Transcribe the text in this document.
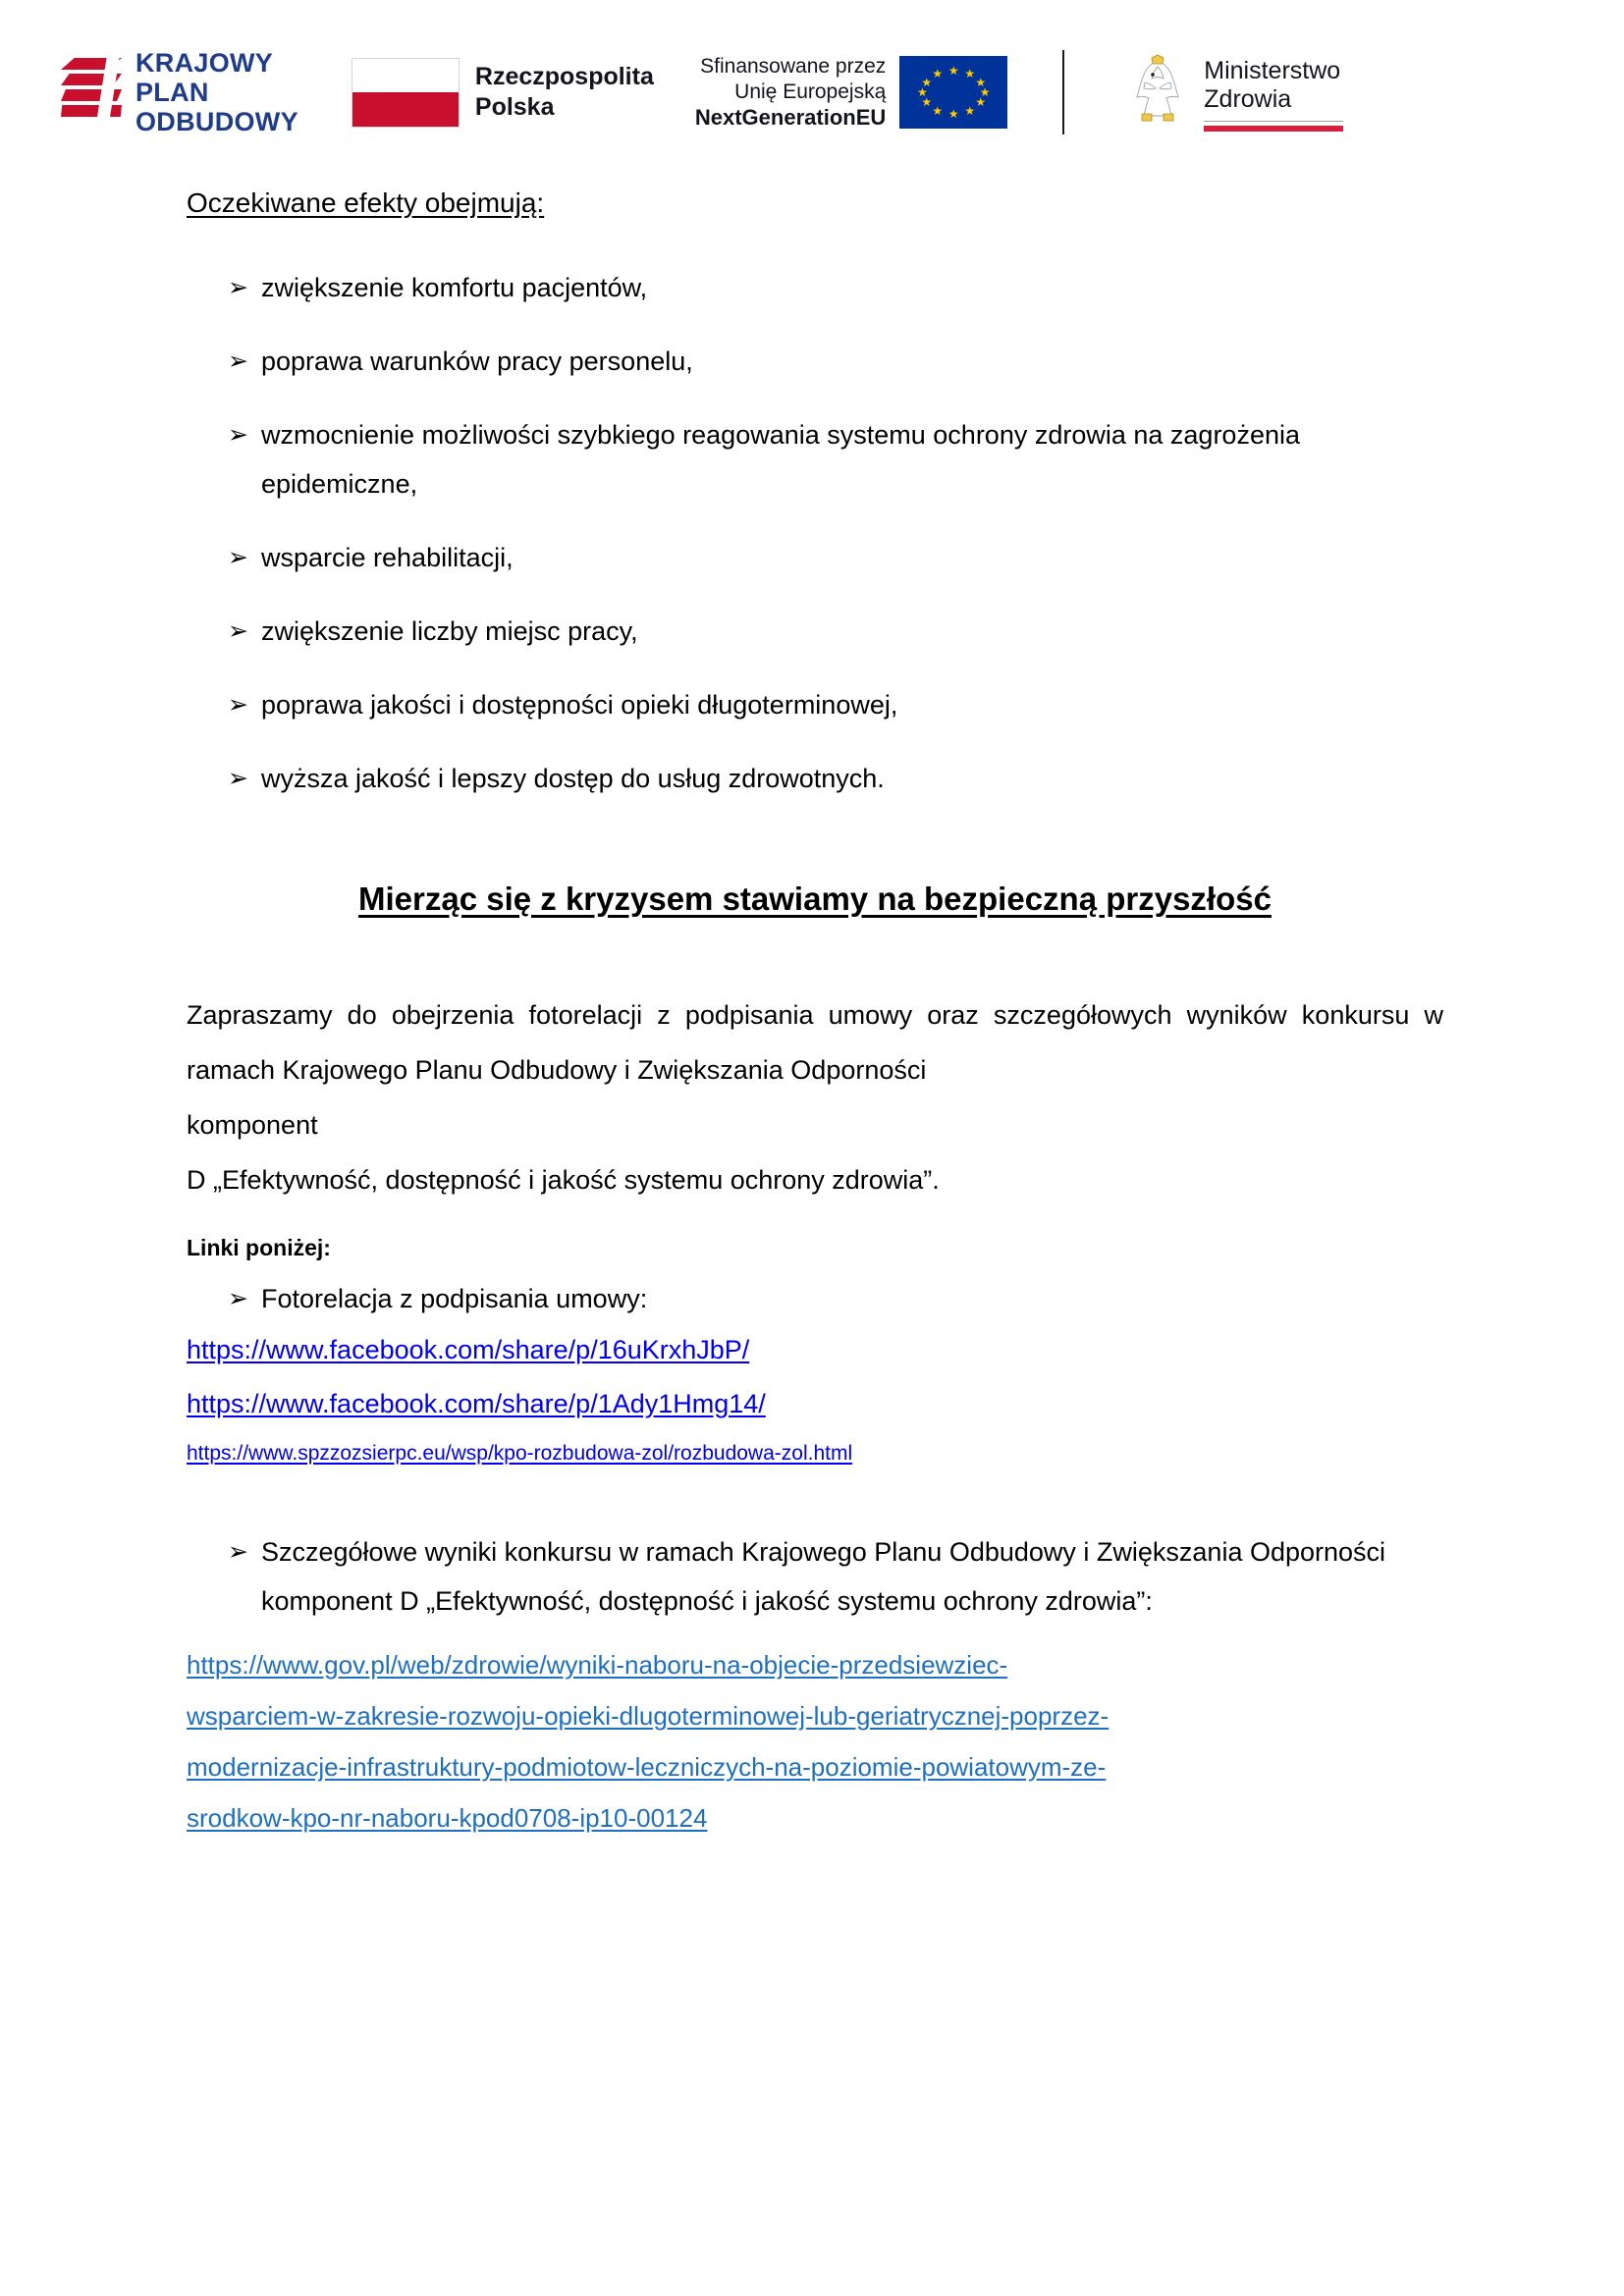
KRAJOWY
PLAN
ODBUDOWY
Rzeczpospolita
Polska
Sfinansowane przez
Unię Europejską
NextGenerationEU
★ ★
★
★
★
★
★
★
★
★
★
★	Ministerstwo
Zdrowia

Oczekiwane efekty obejmują:

➢ zwiększenie komfortu pacjentów,
➢ poprawa warunków pracy personelu,
➢ wzmocnienie możliwości szybkiego reagowania systemu ochrony zdrowia na zagrożenia epidemiczne,
➢ wsparcie rehabilitacji,
➢ zwiększenie liczby miejsc pracy,
➢ poprawa jakości i dostępności opieki długoterminowej,
➢ wyższa jakość i lepszy dostęp do usług zdrowotnych.
Mierząc się z kryzysem stawiamy na bezpieczną przyszłość

Zapraszamy do obejrzenia fotorelacji z podpisania umowy oraz szczegółowych wyników konkursu w ramach Krajowego Planu Odbudowy i Zwiększania Odporności

komponent

D „Efektywność, dostępność i jakość systemu ochrony zdrowia”.

Linki poniżej:

➢ Fotorelacja z podpisania umowy:
https://www.facebook.com/share/p/16uKrxhJbP/
https://www.facebook.com/share/p/1Ady1Hmg14/
https://www.spzzozsierpc.eu/wsp/kpo-rozbudowa-zol/rozbudowa-zol.html
➢ Szczegółowe wyniki konkursu w ramach Krajowego Planu Odbudowy i Zwiększania Odporności komponent D „Efektywność, dostępność i jakość systemu ochrony zdrowia”:
https://www.gov.pl/web/zdrowie/wyniki-naboru-na-objecie-przedsiewziec-
wsparciem-w-zakresie-rozwoju-opieki-dlugoterminowej-lub-geriatrycznej-poprzez-
modernizacje-infrastruktury-podmiotow-leczniczych-na-poziomie-powiatowym-ze-
srodkow-kpo-nr-naboru-kpod0708-ip10-00124
